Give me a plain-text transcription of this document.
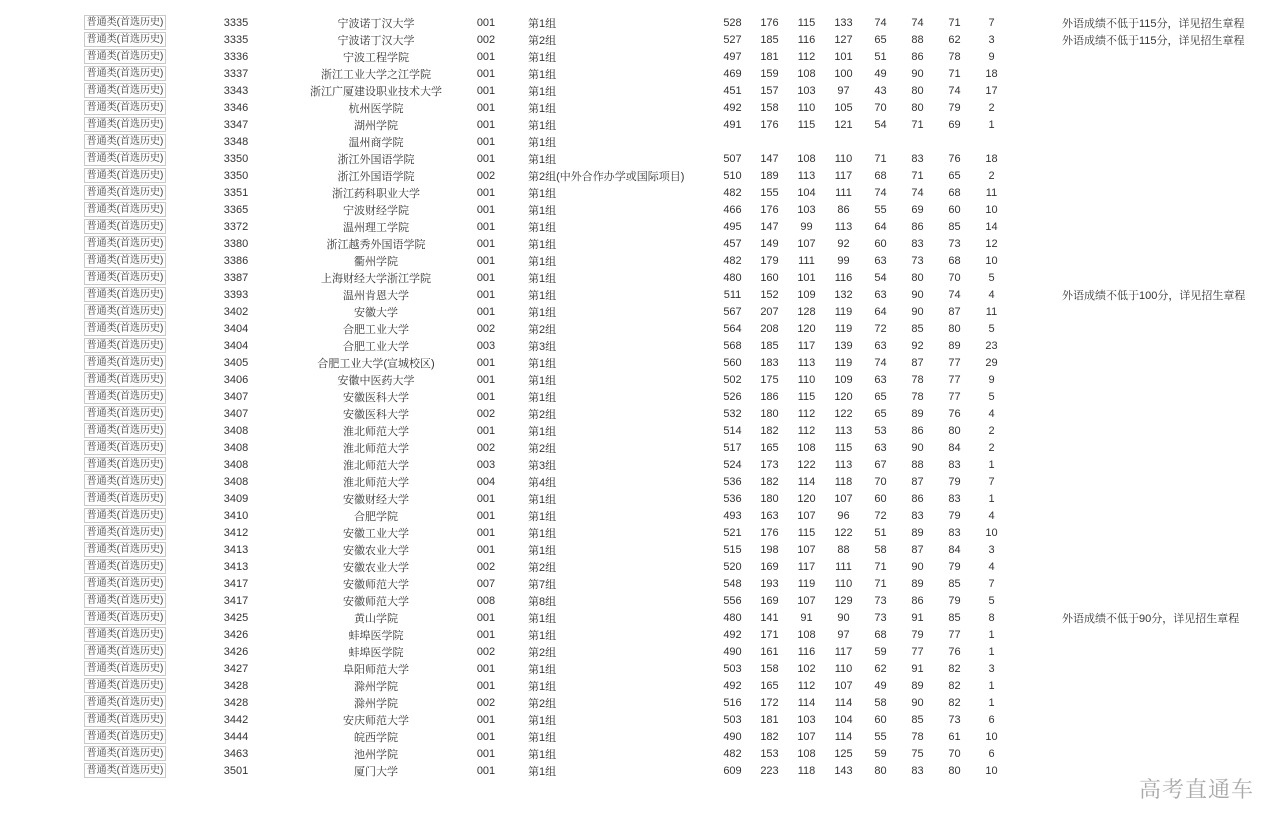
普通类(首选历史)	3335	宁波诺丁汉大学	001	第1组	528	176	115	133	74	74	71	7	外语成绩不低于115分，详见招生章程
普通类(首选历史)	3335	宁波诺丁汉大学	002	第2组	527	185	116	127	65	88	62	3	外语成绩不低于115分，详见招生章程
普通类(首选历史)	3336	宁波工程学院	001	第1组	497	181	112	101	51	86	78	9
普通类(首选历史)	3337	浙江工业大学之江学院	001	第1组	469	159	108	100	49	90	71	18
普通类(首选历史)	3343	浙江广厦建设职业技术大学	001	第1组	451	157	103	97	43	80	74	17
普通类(首选历史)	3346	杭州医学院	001	第1组	492	158	110	105	70	80	79	2
普通类(首选历史)	3347	湖州学院	001	第1组	491	176	115	121	54	71	69	1
普通类(首选历史)	3348	温州商学院	001	第1组
普通类(首选历史)	3350	浙江外国语学院	001	第1组	507	147	108	110	71	83	76	18
普通类(首选历史)	3350	浙江外国语学院	002	第2组(中外合作办学或国际项目)	510	189	113	117	68	71	65	2
普通类(首选历史)	3351	浙江药科职业大学	001	第1组	482	155	104	111	74	74	68	11
普通类(首选历史)	3365	宁波财经学院	001	第1组	466	176	103	86	55	69	60	10
普通类(首选历史)	3372	温州理工学院	001	第1组	495	147	99	113	64	86	85	14
普通类(首选历史)	3380	浙江越秀外国语学院	001	第1组	457	149	107	92	60	83	73	12
普通类(首选历史)	3386	衢州学院	001	第1组	482	179	111	99	63	73	68	10
普通类(首选历史)	3387	上海财经大学浙江学院	001	第1组	480	160	101	116	54	80	70	5
普通类(首选历史)	3393	温州肯恩大学	001	第1组	511	152	109	132	63	90	74	4	外语成绩不低于100分，详见招生章程
普通类(首选历史)	3402	安徽大学	001	第1组	567	207	128	119	64	90	87	11
普通类(首选历史)	3404	合肥工业大学	002	第2组	564	208	120	119	72	85	80	5
普通类(首选历史)	3404	合肥工业大学	003	第3组	568	185	117	139	63	92	89	23
普通类(首选历史)	3405	合肥工业大学(宣城校区)	001	第1组	560	183	113	119	74	87	77	29
普通类(首选历史)	3406	安徽中医药大学	001	第1组	502	175	110	109	63	78	77	9
普通类(首选历史)	3407	安徽医科大学	001	第1组	526	186	115	120	65	78	77	5
普通类(首选历史)	3407	安徽医科大学	002	第2组	532	180	112	122	65	89	76	4
普通类(首选历史)	3408	淮北师范大学	001	第1组	514	182	112	113	53	86	80	2
普通类(首选历史)	3408	淮北师范大学	002	第2组	517	165	108	115	63	90	84	2
普通类(首选历史)	3408	淮北师范大学	003	第3组	524	173	122	113	67	88	83	1
普通类(首选历史)	3408	淮北师范大学	004	第4组	536	182	114	118	70	87	79	7
普通类(首选历史)	3409	安徽财经大学	001	第1组	536	180	120	107	60	86	83	1
普通类(首选历史)	3410	合肥学院	001	第1组	493	163	107	96	72	83	79	4
普通类(首选历史)	3412	安徽工业大学	001	第1组	521	176	115	122	51	89	83	10
普通类(首选历史)	3413	安徽农业大学	001	第1组	515	198	107	88	58	87	84	3
普通类(首选历史)	3413	安徽农业大学	002	第2组	520	169	117	111	71	90	79	4
普通类(首选历史)	3417	安徽师范大学	007	第7组	548	193	119	110	71	89	85	7
普通类(首选历史)	3417	安徽师范大学	008	第8组	556	169	107	129	73	86	79	5
普通类(首选历史)	3425	黄山学院	001	第1组	480	141	91	90	73	91	85	8	外语成绩不低于90分，详见招生章程
普通类(首选历史)	3426	蚌埠医学院	001	第1组	492	171	108	97	68	79	77	1
普通类(首选历史)	3426	蚌埠医学院	002	第2组	490	161	116	117	59	77	76	1
普通类(首选历史)	3427	阜阳师范大学	001	第1组	503	158	102	110	62	91	82	3
普通类(首选历史)	3428	滁州学院	001	第1组	492	165	112	107	49	89	82	1
普通类(首选历史)	3428	滁州学院	002	第2组	516	172	114	114	58	90	82	1
普通类(首选历史)	3442	安庆师范大学	001	第1组	503	181	103	104	60	85	73	6
普通类(首选历史)	3444	皖西学院	001	第1组	490	182	107	114	55	78	61	10
普通类(首选历史)	3463	池州学院	001	第1组	482	153	108	125	59	75	70	6
普通类(首选历史)	3501	厦门大学	001	第1组	609	223	118	143	80	83	80	10
高考直通车
